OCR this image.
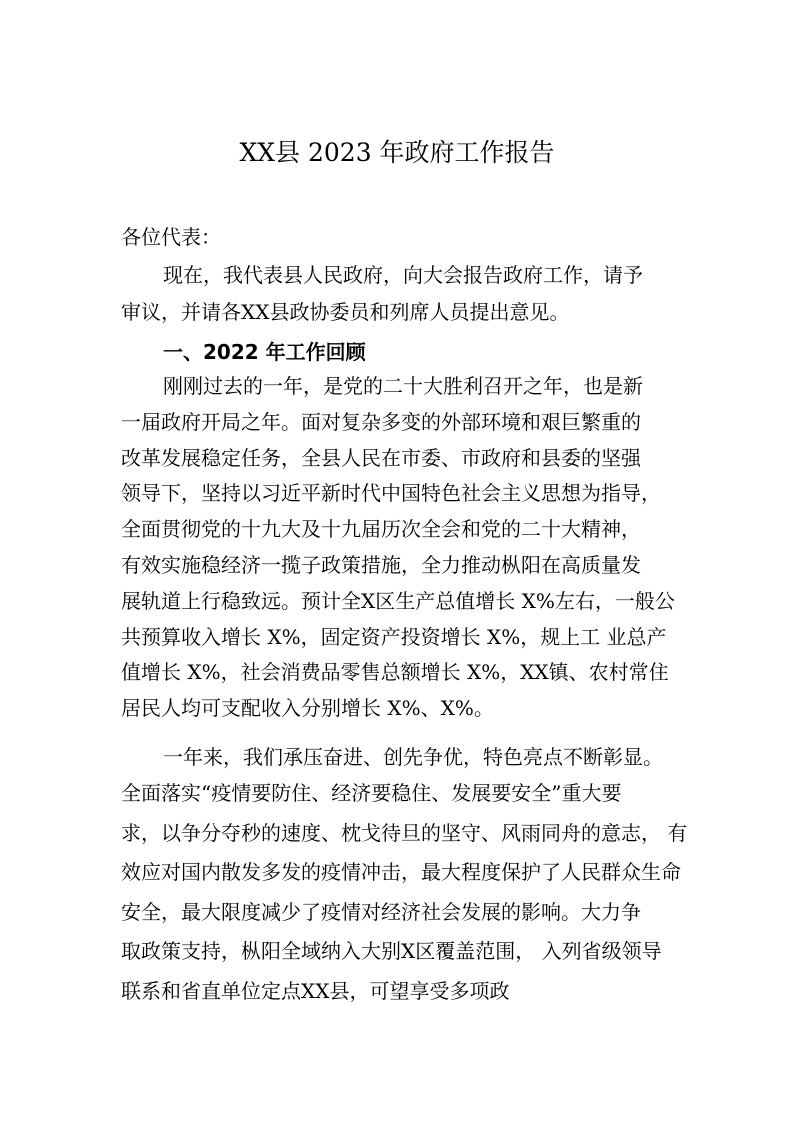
XX县 2023 年政府工作报告
各位代表：
现在，我代表县人民政府，向大会报告政府工作，请予
审议，并请各XX县政协委员和列席人员提出意见。
一、2022 年工作回顾
刚刚过去的一年，是党的二十大胜利召开之年，也是新
一届政府开局之年。面对复杂多变的外部环境和艰巨繁重的
改革发展稳定任务，全县人民在市委、市政府和县委的坚强
领导下，坚持以习近平新时代中国特色社会主义思想为指导，
全面贯彻党的十九大及十九届历次全会和党的二十大精神，
有效实施稳经济一揽子政策措施，全力推动枞阳在高质量发
展轨道上行稳致远。预计全X区生产总值增长 X%左右，一般公
共预算收入增长 X%，固定资产投资增长 X%，规上工 业总产
值增长 X%，社会消费品零售总额增长 X%，XX镇、农村常住
居民人均可支配收入分别增长 X%、X%。
一年来，我们承压奋进、创先争优，特色亮点不断彰显。
全面落实“疫情要防住、经济要稳住、发展要安全”重大要
求，以争分夺秒的速度、枕戈待旦的坚守、风雨同舟的意志， 有
效应对国内散发多发的疫情冲击，最大程度保护了人民群众生命
安全，最大限度减少了疫情对经济社会发展的影响。大力争
取政策支持，枞阳全域纳入大别X区覆盖范围， 入列省级领导
联系和省直单位定点XX县，可望享受多项政
